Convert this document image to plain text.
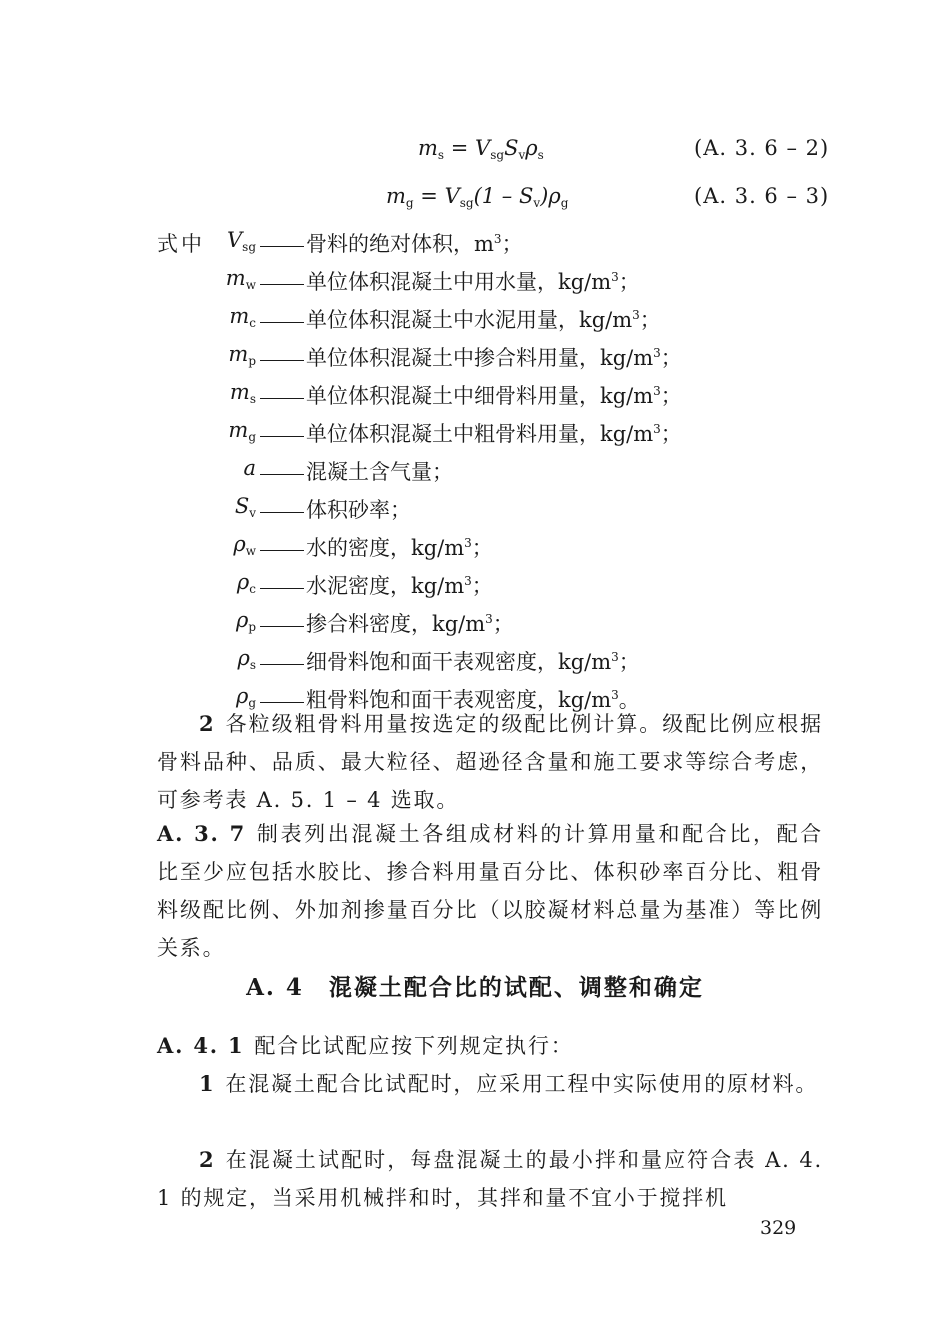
$m_s = V_{sg}S_v\rho_s$	(A. 3. 6 – 2)
$m_g = V_{sg}(1 - S_v)\rho_g$	(A. 3. 6 – 3)
式中	$V_{sg}$ 骨料的绝对体积，$m^3$；
$m_w$ 单位体积混凝土中用水量，$kg/m^3$；
$m_c$ 单位体积混凝土中水泥用量，$kg/m^3$；
$m_p$ 单位体积混凝土中掺合料用量，$kg/m^3$；
$m_s$ 单位体积混凝土中细骨料用量，$kg/m^3$；
$m_g$ 单位体积混凝土中粗骨料用量，$kg/m^3$；
a 混凝土含气量；
$S_v$ 体积砂率；
$\rho_w$ 水的密度，$kg/m^3$；
$\rho_c$ 水泥密度，$kg/m^3$；
$\rho_p$ 掺合料密度，$kg/m^3$；
$\rho_s$ 细骨料饱和面干表观密度，$kg/m^3$；
$\rho_g$ 粗骨料饱和面干表观密度，$kg/m^3$。
2 各粒级粗骨料用量按选定的级配比例计算。级配比例应根据骨料品种、品质、最大粒径、超逊径含量和施工要求等综合考虑，可参考表 A. 5. 1 – 4 选取。
A. 3. 7 制表列出混凝土各组成材料的计算用量和配合比，配合比至少应包括水胶比、掺合料用量百分比、体积砂率百分比、粗骨料级配比例、外加剂掺量百分比（以胶凝材料总量为基准）等比例关系。
A. 4　混凝土配合比的试配、调整和确定
A. 4. 1 配合比试配应按下列规定执行：
1 在混凝土配合比试配时，应采用工程中实际使用的原材料。
2 在混凝土试配时，每盘混凝土的最小拌和量应符合表 A. 4. 1 的规定，当采用机械拌和时，其拌和量不宜小于搅拌机
329
